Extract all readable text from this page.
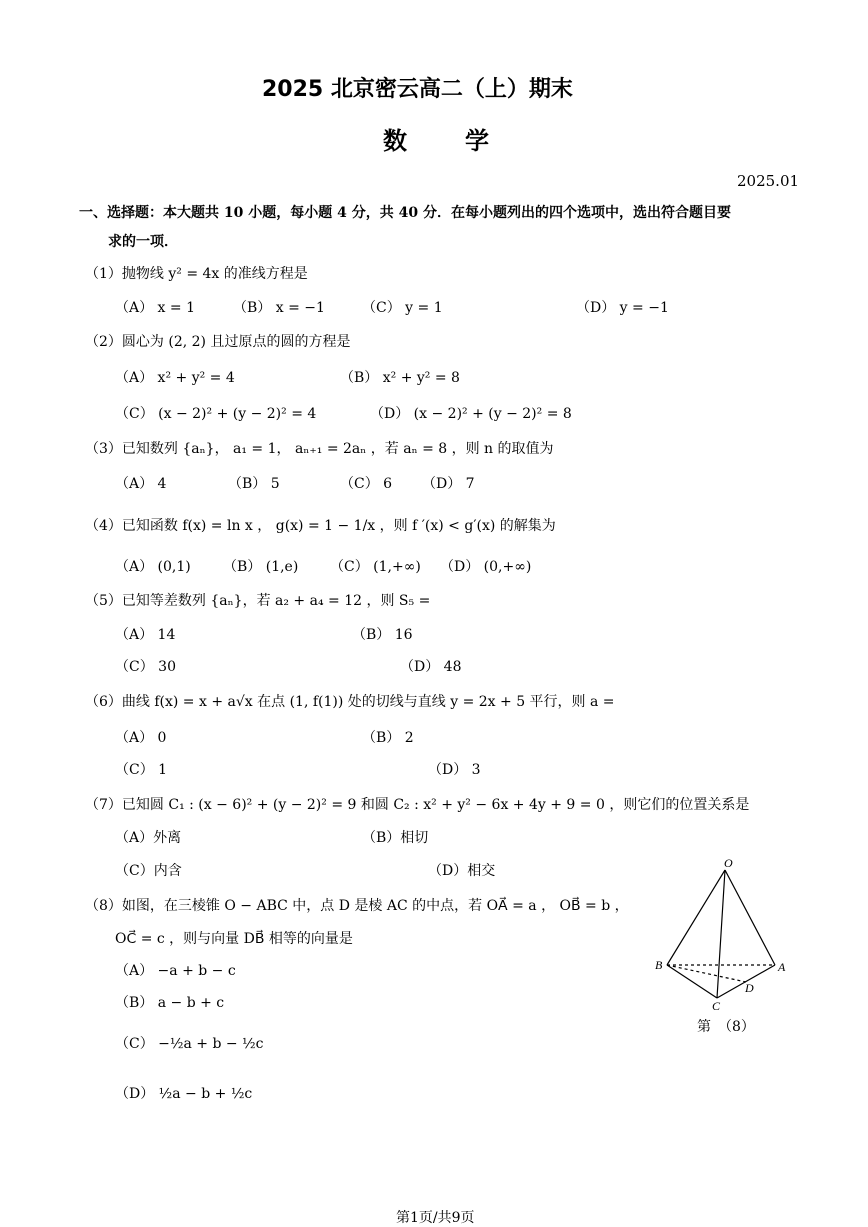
2025 北京密云高二（上）期末
数学
2025.01
一、选择题：本大题共 10 小题，每小题 4 分，共 40 分．在每小题列出的四个选项中，选出符合题目要
求的一项．
（1）抛物线 y² = 4x 的准线方程是
（A） x = 1	（B） x = −1	（C） y = 1	（D） y = −1
（2）圆心为 (2, 2) 且过原点的圆的方程是
（A） x² + y² = 4	（B） x² + y² = 8
（C） (x − 2)² + (y − 2)² = 4	（D） (x − 2)² + (y − 2)² = 8
（3）已知数列 {aₙ}， a₁ = 1， aₙ₊₁ = 2aₙ ，若 aₙ = 8 ，则 n 的取值为
（A） 4	（B） 5	（C） 6 （D） 7
（4）已知函数 f(x) = ln x ， g(x) = 1 − 1/x ，则 f ′(x) < g′(x) 的解集为
（A） (0,1) （B） (1,e) （C） (1,+∞) （D） (0,+∞)
（5）已知等差数列 {aₙ}，若 a₂ + a₄ = 12 ，则 S₅ =
（A） 14	（B） 16
（C） 30	（D） 48
（6）曲线 f(x) = x + a√x 在点 (1, f(1)) 处的切线与直线 y = 2x + 5 平行，则 a =
（A） 0	（B） 2
（C） 1	（D） 3
（7）已知圆 C₁ : (x − 6)² + (y − 2)² = 9 和圆 C₂ : x² + y² − 6x + 4y + 9 = 0 ，则它们的位置关系是
（A）外离	（B）相切
（C）内含	（D）相交
（8）如图，在三棱锥 O − ABC 中，点 D 是棱 AC 的中点，若 OA⃗ = a ， OB⃗ = b ，
OC⃗ = c ，则与向量 DB⃗ 相等的向量是
（A） −a + b − c
（B） a − b + c
（C） −½a + b − ½c
（D） ½a − b + ½c
O
B	A
C
D
第　（8）
第1页/共9页
